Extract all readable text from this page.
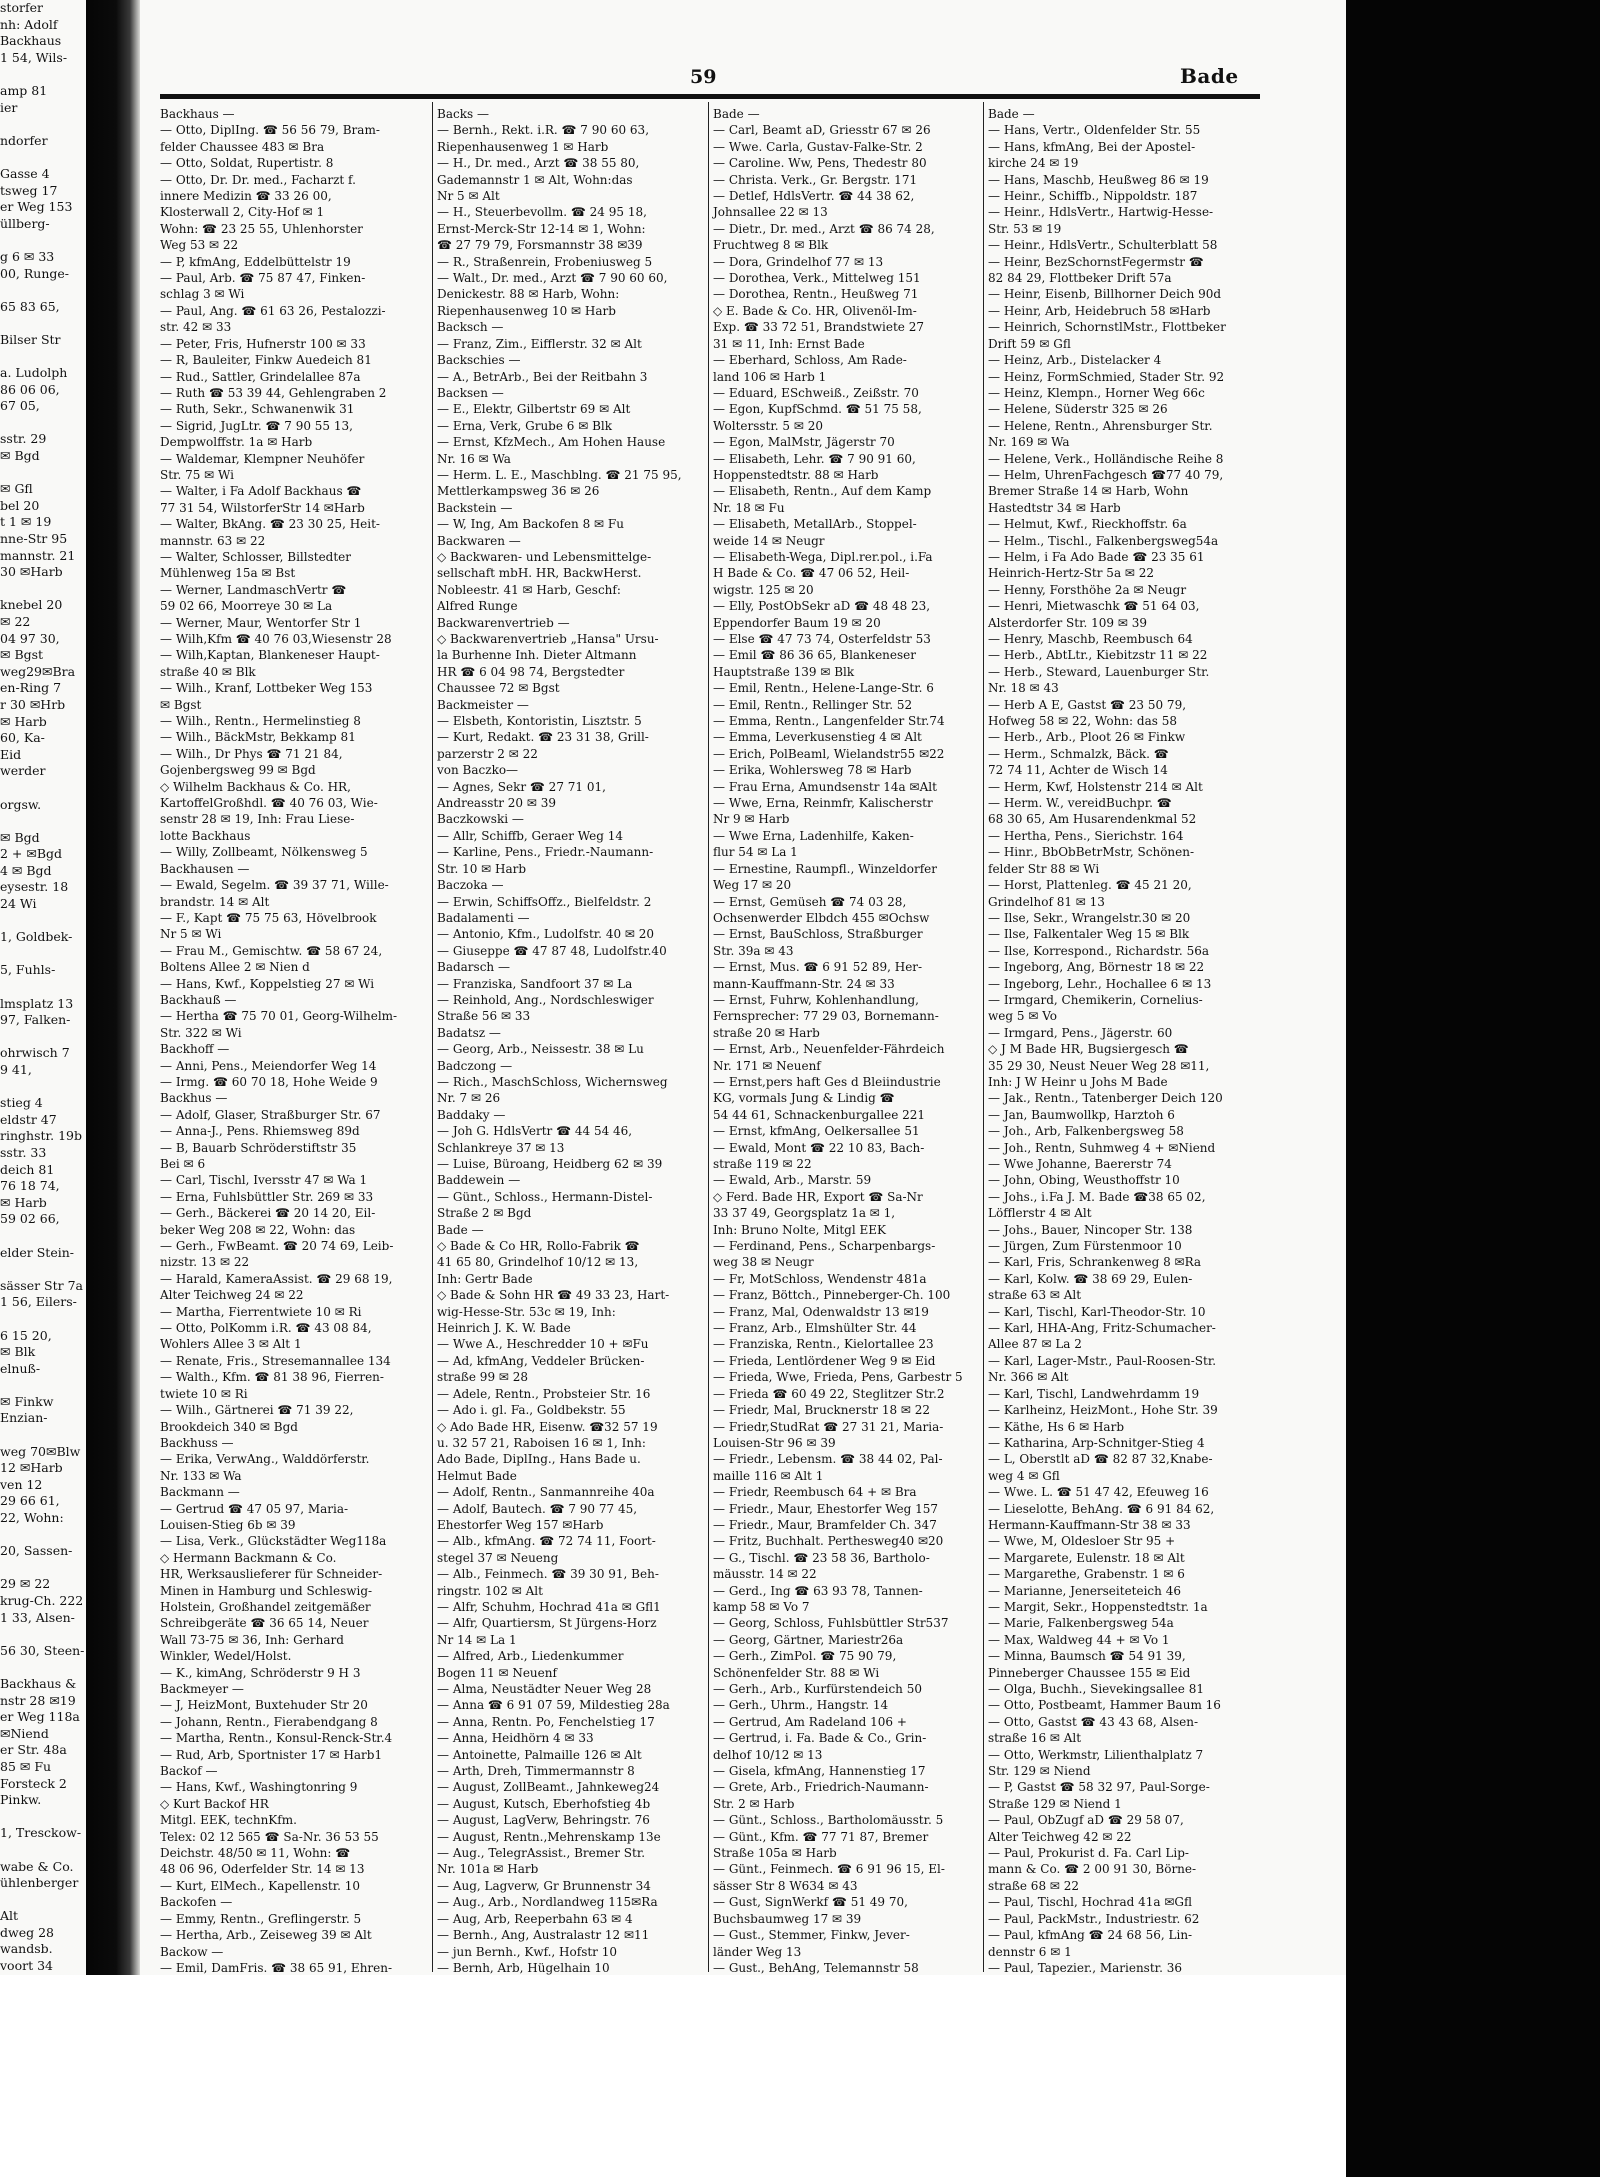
storfer
nh: Adolf
Backhaus
1 54, Wils-

amp 81
ier

ndorfer

Gasse 4
tsweg 17
er Weg 153
üllberg-

g 6 ✉ 33
00, Runge-

65 83 65,

Bilser Str

a. Ludolph
86 06 06,
67 05,

sstr. 29
✉ Bgd

✉ Gfl
bel 20
t 1 ✉ 19
nne-Str 95
mannstr. 21
30 ✉Harb

knebel 20
✉ 22
04 97 30,
✉ Bgst
weg29✉Bra
en-Ring 7
r 30 ✉Hrb
✉ Harb
60, Ka-
Eid
werder

orgsw.

✉ Bgd
2 + ✉Bgd
4 ✉ Bgd
eysestr. 18
24 Wi

1, Goldbek-

5, Fuhls-

lmsplatz 13
97, Falken-

ohrwisch 7
9 41,

stieg 4
eldstr 47
ringhstr. 19b
sstr. 33
deich 81
76 18 74,
✉ Harb
59 02 66,

elder Stein-

sässer Str 7a
1 56, Eilers-

6 15 20,
✉ Blk
elnuß-

✉ Finkw
Enzian-

weg 70✉Blw
12 ✉Harb
ven 12
29 66 61,
22, Wohn:

20, Sassen-

29 ✉ 22
krug-Ch. 222
1 33, Alsen-

56 30, Steen-

Backhaus &
nstr 28 ✉19
er Weg 118a
✉Niend
er Str. 48a
85 ✉ Fu
Forsteck 2
Pinkw.

1, Tresckow-

wabe & Co.
ühlenberger

Alt
dweg 28
wandsb.
voort 34

59	Bade
Backhaus —
— Otto, DiplIng. ☎ 56 56 79, Bram-
felder Chaussee 483 ✉ Bra
— Otto, Soldat, Rupertistr. 8
— Otto, Dr. Dr. med., Facharzt f.
innere Medizin ☎ 33 26 00,
Klosterwall 2, City-Hof ✉ 1
Wohn: ☎ 23 25 55, Uhlenhorster
Weg 53 ✉ 22
— P, kfmAng, Eddelbüttelstr 19
— Paul, Arb. ☎ 75 87 47, Finken-
schlag 3 ✉ Wi
— Paul, Ang. ☎ 61 63 26, Pestalozzi-
str. 42 ✉ 33
— Peter, Fris, Hufnerstr 100 ✉ 33
— R, Bauleiter, Finkw Auedeich 81
— Rud., Sattler, Grindelallee 87a
— Ruth ☎ 53 39 44, Gehlengraben 2
— Ruth, Sekr., Schwanenwik 31
— Sigrid, JugLtr. ☎ 7 90 55 13,
Dempwolffstr. 1a ✉ Harb
— Waldemar, Klempner Neuhöfer
Str. 75 ✉ Wi
— Walter, i Fa Adolf Backhaus ☎
77 31 54, WilstorferStr 14 ✉Harb
— Walter, BkAng. ☎ 23 30 25, Heit-
mannstr. 63 ✉ 22
— Walter, Schlosser, Billstedter
Mühlenweg 15a ✉ Bst
— Werner, LandmaschVertr ☎
59 02 66, Moorreye 30 ✉ La
— Werner, Maur, Wentorfer Str 1
— Wilh,Kfm ☎ 40 76 03,Wiesenstr 28
— Wilh,Kaptan, Blankeneser Haupt-
straße 40 ✉ Blk
— Wilh., Kranf, Lottbeker Weg 153
✉ Bgst
— Wilh., Rentn., Hermelinstieg 8
— Wilh., BäckMstr, Bekkamp 81
— Wilh., Dr Phys ☎ 71 21 84,
Gojenbergsweg 99 ✉ Bgd
◇ Wilhelm Backhaus & Co. HR,
KartoffelGroßhdl. ☎ 40 76 03, Wie-
senstr 28 ✉ 19, Inh: Frau Liese-
lotte Backhaus
— Willy, Zollbeamt, Nölkensweg 5
Backhausen —
— Ewald, Segelm. ☎ 39 37 71, Wille-
brandstr. 14 ✉ Alt
— F., Kapt ☎ 75 75 63, Hövelbrook
Nr 5 ✉ Wi
— Frau M., Gemischtw. ☎ 58 67 24,
Boltens Allee 2 ✉ Nien d
— Hans, Kwf., Koppelstieg 27 ✉ Wi
Backhauß —
— Hertha ☎ 75 70 01, Georg-Wilhelm-
Str. 322 ✉ Wi
Backhoff —
— Anni, Pens., Meiendorfer Weg 14
— Irmg. ☎ 60 70 18, Hohe Weide 9
Backhus —
— Adolf, Glaser, Straßburger Str. 67
— Anna-J., Pens. Rhiemsweg 89d
— B, Bauarb Schröderstiftstr 35
Bei ✉ 6
— Carl, Tischl, Iversstr 47 ✉ Wa 1
— Erna, Fuhlsbüttler Str. 269 ✉ 33
— Gerh., Bäckerei ☎ 20 14 20, Eil-
beker Weg 208 ✉ 22, Wohn: das
— Gerh., FwBeamt. ☎ 20 74 69, Leib-
nizstr. 13 ✉ 22
— Harald, KameraAssist. ☎ 29 68 19,
Alter Teichweg 24 ✉ 22
— Martha, Fierrentwiete 10 ✉ Ri
— Otto, PolKomm i.R. ☎ 43 08 84,
Wohlers Allee 3 ✉ Alt 1
— Renate, Fris., Stresemannallee 134
— Walth., Kfm. ☎ 81 38 96, Fierren-
twiete 10 ✉ Ri
— Wilh., Gärtnerei ☎ 71 39 22,
Brookdeich 340 ✉ Bgd
Backhuss —
— Erika, VerwAng., Walddörferstr.
Nr. 133 ✉ Wa
Backmann —
— Gertrud ☎ 47 05 97, Maria-
Louisen-Stieg 6b ✉ 39
— Lisa, Verk., Glückstädter Weg118a
◇ Hermann Backmann & Co.
HR, Werksauslieferer für Schneider-
Minen in Hamburg und Schleswig-
Holstein, Großhandel zeitgemäßer
Schreibgeräte ☎ 36 65 14, Neuer
Wall 73-75 ✉ 36, Inh: Gerhard
Winkler, Wedel/Holst.
— K., kimAng, Schröderstr 9 H 3
Backmeyer —
— J, HeizMont, Buxtehuder Str 20
— Johann, Rentn., Fierabendgang 8
— Martha, Rentn., Konsul-Renck-Str.4
— Rud, Arb, Sportnister 17 ✉ Harb1
Backof —
— Hans, Kwf., Washingtonring 9
◇ Kurt Backof HR
Mitgl. EEK, technKfm.
Telex: 02 12 565 ☎ Sa-Nr. 36 53 55
Deichstr. 48/50 ✉ 11, Wohn: ☎
48 06 96, Oderfelder Str. 14 ✉ 13
— Kurt, ElMech., Kapellenstr. 10
Backofen —
— Emmy, Rentn., Greflingerstr. 5
— Hertha, Arb., Zeiseweg 39 ✉ Alt
Backow —
— Emil, DamFris. ☎ 38 65 91, Ehren-
Backs —
— Bernh., Rekt. i.R. ☎ 7 90 60 63,
Riepenhausenweg 1 ✉ Harb
— H., Dr. med., Arzt ☎ 38 55 80,
Gademannstr 1 ✉ Alt, Wohn:das
Nr 5 ✉ Alt
— H., Steuerbevollm. ☎ 24 95 18,
Ernst-Merck-Str 12-14 ✉ 1, Wohn:
☎ 27 79 79, Forsmannstr 38 ✉39
— R., Straßenrein, Frobeniusweg 5
— Walt., Dr. med., Arzt ☎ 7 90 60 60,
Denickestr. 88 ✉ Harb, Wohn:
Riepenhausenweg 10 ✉ Harb
Backsch —
— Franz, Zim., Eifflerstr. 32 ✉ Alt
Backschies —
— A., BetrArb., Bei der Reitbahn 3
Backsen —
— E., Elektr, Gilbertstr 69 ✉ Alt
— Erna, Verk, Grube 6 ✉ Blk
— Ernst, KfzMech., Am Hohen Hause
Nr. 16 ✉ Wa
— Herm. L. E., Maschblng. ☎ 21 75 95,
Mettlerkampsweg 36 ✉ 26
Backstein —
— W, Ing, Am Backofen 8 ✉ Fu
Backwaren —
◇ Backwaren- und Lebensmittelge-
sellschaft mbH. HR, BackwHerst.
Nobleestr. 41 ✉ Harb, Geschf:
Alfred Runge
Backwarenvertrieb —
◇ Backwarenvertrieb „Hansa" Ursu-
la Burhenne Inh. Dieter Altmann
HR ☎ 6 04 98 74, Bergstedter
Chaussee 72 ✉ Bgst
Backmeister —
— Elsbeth, Kontoristin, Lisztstr. 5
— Kurt, Redakt. ☎ 23 31 38, Grill-
parzerstr 2 ✉ 22
von Baczko—
— Agnes, Sekr ☎ 27 71 01,
Andreasstr 20 ✉ 39
Baczkowski —
— Allr, Schiffb, Geraer Weg 14
— Karline, Pens., Friedr.-Naumann-
Str. 10 ✉ Harb
Baczoka —
— Erwin, SchiffsOffz., Bielfeldstr. 2
Badalamenti —
— Antonio, Kfm., Ludolfstr. 40 ✉ 20
— Giuseppe ☎ 47 87 48, Ludolfstr.40
Badarsch —
— Franziska, Sandfoort 37 ✉ La
— Reinhold, Ang., Nordschleswiger
Straße 56 ✉ 33
Badatsz —
— Georg, Arb., Neissestr. 38 ✉ Lu
Badczong —
— Rich., MaschSchloss, Wichernsweg
Nr. 7 ✉ 26
Baddaky —
— Joh G. HdlsVertr ☎ 44 54 46,
Schlankreye 37 ✉ 13
— Luise, Büroang, Heidberg 62 ✉ 39
Baddewein —
— Günt., Schloss., Hermann-Distel-
Straße 2 ✉ Bgd
Bade —
◇ Bade & Co HR, Rollo-Fabrik ☎
41 65 80, Grindelhof 10/12 ✉ 13,
Inh: Gertr Bade
◇ Bade & Sohn HR ☎ 49 33 23, Hart-
wig-Hesse-Str. 53c ✉ 19, Inh:
Heinrich J. K. W. Bade
— Wwe A., Heschredder 10 + ✉Fu
— Ad, kfmAng, Veddeler Brücken-
straße 99 ✉ 28
— Adele, Rentn., Probsteier Str. 16
— Ado i. gl. Fa., Goldbekstr. 55
◇ Ado Bade HR, Eisenw. ☎32 57 19
u. 32 57 21, Raboisen 16 ✉ 1, Inh:
Ado Bade, DiplIng., Hans Bade u.
Helmut Bade
— Adolf, Rentn., Sanmannreihe 40a
— Adolf, Bautech. ☎ 7 90 77 45,
Ehestorfer Weg 157 ✉Harb
— Alb., kfmAng. ☎ 72 74 11, Foort-
stegel 37 ✉ Neueng
— Alb., Feinmech. ☎ 39 30 91, Beh-
ringstr. 102 ✉ Alt
— Alfr, Schuhm, Hochrad 41a ✉ Gfl1
— Alfr, Quartiersm, St Jürgens-Horz
Nr 14 ✉ La 1
— Alfred, Arb., Liedenkummer
Bogen 11 ✉ Neuenf
— Alma, Neustädter Neuer Weg 28
— Anna ☎ 6 91 07 59, Mildestieg 28a
— Anna, Rentn. Po, Fenchelstieg 17
— Anna, Heidhörn 4 ✉ 33
— Antoinette, Palmaille 126 ✉ Alt
— Arth, Dreh, Timmermannstr 8
— August, ZollBeamt., Jahnkeweg24
— August, Kutsch, Eberhofstieg 4b
— August, LagVerw, Behringstr. 76
— August, Rentn.,Mehrenskamp 13e
— Aug., TelegrAssist., Bremer Str.
Nr. 101a ✉ Harb
— Aug, Lagverw, Gr Brunnenstr 34
— Aug., Arb., Nordlandweg 115✉Ra
— Aug, Arb, Reeperbahn 63 ✉ 4
— Bernh., Ang, Australastr 12 ✉11
— jun Bernh., Kwf., Hofstr 10
— Bernh, Arb, Hügelhain 10
Bade —
— Carl, Beamt aD, Griesstr 67 ✉ 26
— Wwe. Carla, Gustav-Falke-Str. 2
— Caroline. Ww, Pens, Thedestr 80
— Christa. Verk., Gr. Bergstr. 171
— Detlef, HdlsVertr. ☎ 44 38 62,
Johnsallee 22 ✉ 13
— Dietr., Dr. med., Arzt ☎ 86 74 28,
Fruchtweg 8 ✉ Blk
— Dora, Grindelhof 77 ✉ 13
— Dorothea, Verk., Mittelweg 151
— Dorothea, Rentn., Heußweg 71
◇ E. Bade & Co. HR, Olivenöl-Im-
Exp. ☎ 33 72 51, Brandstwiete 27
31 ✉ 11, Inh: Ernst Bade
— Eberhard, Schloss, Am Rade-
land 106 ✉ Harb 1
— Eduard, ESchweiß., Zeißstr. 70
— Egon, KupfSchmd. ☎ 51 75 58,
Woltersstr. 5 ✉ 20
— Egon, MalMstr, Jägerstr 70
— Elisabeth, Lehr. ☎ 7 90 91 60,
Hoppenstedtstr. 88 ✉ Harb
— Elisabeth, Rentn., Auf dem Kamp
Nr. 18 ✉ Fu
— Elisabeth, MetallArb., Stoppel-
weide 14 ✉ Neugr
— Elisabeth-Wega, Dipl.rer.pol., i.Fa
H Bade & Co. ☎ 47 06 52, Heil-
wigstr. 125 ✉ 20
— Elly, PostObSekr aD ☎ 48 48 23,
Eppendorfer Baum 19 ✉ 20
— Else ☎ 47 73 74, Osterfeldstr 53
— Emil ☎ 86 36 65, Blankeneser
Hauptstraße 139 ✉ Blk
— Emil, Rentn., Helene-Lange-Str. 6
— Emil, Rentn., Rellinger Str. 52
— Emma, Rentn., Langenfelder Str.74
— Emma, Leverkusenstieg 4 ✉ Alt
— Erich, PolBeaml, Wielandstr55 ✉22
— Erika, Wohlersweg 78 ✉ Harb
— Frau Erna, Amundsenstr 14a ✉Alt
— Wwe, Erna, Reinmfr, Kalischerstr
Nr 9 ✉ Harb
— Wwe Erna, Ladenhilfe, Kaken-
flur 54 ✉ La 1
— Ernestine, Raumpfl., Winzeldorfer
Weg 17 ✉ 20
— Ernst, Gemüseh ☎ 74 03 28,
Ochsenwerder Elbdch 455 ✉Ochsw
— Ernst, BauSchloss, Straßburger
Str. 39a ✉ 43
— Ernst, Mus. ☎ 6 91 52 89, Her-
mann-Kauffmann-Str. 24 ✉ 33
— Ernst, Fuhrw, Kohlenhandlung,
Fernsprecher: 77 29 03, Bornemann-
straße 20 ✉ Harb
— Ernst, Arb., Neuenfelder-Fährdeich
Nr. 171 ✉ Neuenf
— Ernst,pers haft Ges d Bleiindustrie
KG, vormals Jung & Lindig ☎
54 44 61, Schnackenburgallee 221
— Ernst, kfmAng, Oelkersallee 51
— Ewald, Mont ☎ 22 10 83, Bach-
straße 119 ✉ 22
— Ewald, Arb., Marstr. 59
◇ Ferd. Bade HR, Export ☎ Sa-Nr
33 37 49, Georgsplatz 1a ✉ 1,
Inh: Bruno Nolte, Mitgl EEK
— Ferdinand, Pens., Scharpenbargs-
weg 38 ✉ Neugr
— Fr, MotSchloss, Wendenstr 481a
— Franz, Böttch., Pinneberger-Ch. 100
— Franz, Mal, Odenwaldstr 13 ✉19
— Franz, Arb., Elmshülter Str. 44
— Franziska, Rentn., Kielortallee 23
— Frieda, Lentlördener Weg 9 ✉ Eid
— Frieda, Wwe, Frieda, Pens, Garbestr 5
— Frieda ☎ 60 49 22, Steglitzer Str.2
— Friedr, Mal, Brucknerstr 18 ✉ 22
— Friedr,StudRat ☎ 27 31 21, Maria-
Louisen-Str 96 ✉ 39
— Friedr., Lebensm. ☎ 38 44 02, Pal-
maille 116 ✉ Alt 1
— Friedr, Reembusch 64 + ✉ Bra
— Friedr., Maur, Ehestorfer Weg 157
— Friedr., Maur, Bramfelder Ch. 347
— Fritz, Buchhalt. Perthesweg40 ✉20
— G., Tischl. ☎ 23 58 36, Bartholo-
mäusstr. 14 ✉ 22
— Gerd., Ing ☎ 63 93 78, Tannen-
kamp 58 ✉ Vo 7
— Georg, Schloss, Fuhlsbüttler Str537
— Georg, Gärtner, Mariestr26a
— Gerh., ZimPol. ☎ 75 90 79,
Schönenfelder Str. 88 ✉ Wi
— Gerh., Arb., Kurfürstendeich 50
— Gerh., Uhrm., Hangstr. 14
— Gertrud, Am Radeland 106 +
— Gertrud, i. Fa. Bade & Co., Grin-
delhof 10/12 ✉ 13
— Gisela, kfmAng, Hannenstieg 17
— Grete, Arb., Friedrich-Naumann-
Str. 2 ✉ Harb
— Günt., Schloss., Bartholomäusstr. 5
— Günt., Kfm. ☎ 77 71 87, Bremer
Straße 105a ✉ Harb
— Günt., Feinmech. ☎ 6 91 96 15, El-
sässer Str 8 W634 ✉ 43
— Gust, SignWerkf ☎ 51 49 70,
Buchsbaumweg 17 ✉ 39
— Gust., Stemmer, Finkw, Jever-
länder Weg 13
— Gust., BehAng, Telemannstr 58
Bade —
— Hans, Vertr., Oldenfelder Str. 55
— Hans, kfmAng, Bei der Apostel-
kirche 24 ✉ 19
— Hans, Maschb, Heußweg 86 ✉ 19
— Heinr., Schiffb., Nippoldstr. 187
— Heinr., HdlsVertr., Hartwig-Hesse-
Str. 53 ✉ 19
— Heinr., HdlsVertr., Schulterblatt 58
— Heinr, BezSchornstFegermstr ☎
82 84 29, Flottbeker Drift 57a
— Heinr, Eisenb, Billhorner Deich 90d
— Heinr, Arb, Heidebruch 58 ✉Harb
— Heinrich, SchornstlMstr., Flottbeker
Drift 59 ✉ Gfl
— Heinz, Arb., Distelacker 4
— Heinz, FormSchmied, Stader Str. 92
— Heinz, Klempn., Horner Weg 66c
— Helene, Süderstr 325 ✉ 26
— Helene, Rentn., Ahrensburger Str.
Nr. 169 ✉ Wa
— Helene, Verk., Holländische Reihe 8
— Helm, UhrenFachgesch ☎77 40 79,
Bremer Straße 14 ✉ Harb, Wohn
Hastedtstr 34 ✉ Harb
— Helmut, Kwf., Rieckhoffstr. 6a
— Helm., Tischl., Falkenbergsweg54a
— Helm, i Fa Ado Bade ☎ 23 35 61
Heinrich-Hertz-Str 5a ✉ 22
— Henny, Forsthöhe 2a ✉ Neugr
— Henri, Mietwaschk ☎ 51 64 03,
Alsterdorfer Str. 109 ✉ 39
— Henry, Maschb, Reembusch 64
— Herb., AbtLtr., Kiebitzstr 11 ✉ 22
— Herb., Steward, Lauenburger Str.
Nr. 18 ✉ 43
— Herb A E, Gastst ☎ 23 50 79,
Hofweg 58 ✉ 22, Wohn: das 58
— Herb., Arb., Ploot 26 ✉ Finkw
— Herm., Schmalzk, Bäck. ☎
72 74 11, Achter de Wisch 14
— Herm, Kwf, Holstenstr 214 ✉ Alt
— Herm. W., vereidBuchpr. ☎
68 30 65, Am Husarendenkmal 52
— Hertha, Pens., Sierichstr. 164
— Hinr., BbObBetrMstr, Schönen-
felder Str 88 ✉ Wi
— Horst, Plattenleg. ☎ 45 21 20,
Grindelhof 81 ✉ 13
— Ilse, Sekr., Wrangelstr.30 ✉ 20
— Ilse, Falkentaler Weg 15 ✉ Blk
— Ilse, Korrespond., Richardstr. 56a
— Ingeborg, Ang, Börnestr 18 ✉ 22
— Ingeborg, Lehr., Hochallee 6 ✉ 13
— Irmgard, Chemikerin, Cornelius-
weg 5 ✉ Vo
— Irmgard, Pens., Jägerstr. 60
◇ J M Bade HR, Bugsiergesch ☎
35 29 30, Neust Neuer Weg 28 ✉11,
Inh: J W Heinr u Johs M Bade
— Jak., Rentn., Tatenberger Deich 120
— Jan, Baumwollkp, Harztoh 6
— Joh., Arb, Falkenbergsweg 58
— Joh., Rentn, Suhmweg 4 + ✉Niend
— Wwe Johanne, Baererstr 74
— John, Obing, Weusthoffstr 10
— Johs., i.Fa J. M. Bade ☎38 65 02,
Löfflerstr 4 ✉ Alt
— Johs., Bauer, Nincoper Str. 138
— Jürgen, Zum Fürstenmoor 10
— Karl, Fris, Schrankenweg 8 ✉Ra
— Karl, Kolw. ☎ 38 69 29, Eulen-
straße 63 ✉ Alt
— Karl, Tischl, Karl-Theodor-Str. 10
— Karl, HHA-Ang, Fritz-Schumacher-
Allee 87 ✉ La 2
— Karl, Lager-Mstr., Paul-Roosen-Str.
Nr. 366 ✉ Alt
— Karl, Tischl, Landwehrdamm 19
— Karlheinz, HeizMont., Hohe Str. 39
— Käthe, Hs 6 ✉ Harb
— Katharina, Arp-Schnitger-Stieg 4
— L, Oberstlt aD ☎ 82 87 32,Knabe-
weg 4 ✉ Gfl
— Wwe. L. ☎ 51 47 42, Efeuweg 16
— Lieselotte, BehAng. ☎ 6 91 84 62,
Hermann-Kauffmann-Str 38 ✉ 33
— Wwe, M, Oldesloer Str 95 +
— Margarete, Eulenstr. 18 ✉ Alt
— Margarethe, Grabenstr. 1 ✉ 6
— Marianne, Jenerseiteteich 46
— Margit, Sekr., Hoppenstedtstr. 1a
— Marie, Falkenbergsweg 54a
— Max, Waldweg 44 + ✉ Vo 1
— Minna, Baumsch ☎ 54 91 39,
Pinneberger Chaussee 155 ✉ Eid
— Olga, Buchh., Sievekingsallee 81
— Otto, Postbeamt, Hammer Baum 16
— Otto, Gastst ☎ 43 43 68, Alsen-
straße 16 ✉ Alt
— Otto, Werkmstr, Lilienthalplatz 7
Str. 129 ✉ Niend
— P, Gastst ☎ 58 32 97, Paul-Sorge-
Straße 129 ✉ Niend 1
— Paul, ObZugf aD ☎ 29 58 07,
Alter Teichweg 42 ✉ 22
— Paul, Prokurist d. Fa. Carl Lip-
mann & Co. ☎ 2 00 91 30, Börne-
straße 68 ✉ 22
— Paul, Tischl, Hochrad 41a ✉Gfl
— Paul, PackMstr., Industriestr. 62
— Paul, kfmAng ☎ 24 68 56, Lin-
dennstr 6 ✉ 1
— Paul, Tapezier., Marienstr. 36
